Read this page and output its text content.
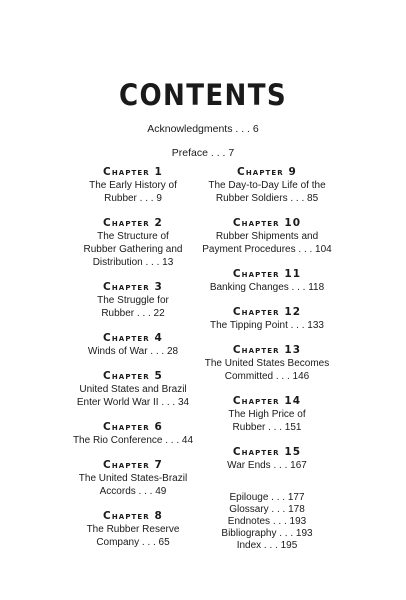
CONTENTS
Acknowledgments . . . 6
Preface . . . 7
Chapter 1
The Early History of
Rubber . . . 9
Chapter 2
The Structure of
Rubber Gathering and
Distribution . . . 13
Chapter 3
The Struggle for
Rubber . . . 22
Chapter 4
Winds of War . . . 28
Chapter 5
United States and Brazil
Enter World War II . . . 34
Chapter 6
The Rio Conference . . . 44
Chapter 7
The United States-Brazil
Accords . . . 49
Chapter 8
The Rubber Reserve
Company . . . 65
Chapter 9
The Day-to-Day Life of the
Rubber Soldiers . . . 85
Chapter 10
Rubber Shipments and
Payment Procedures . . . 104
Chapter 11
Banking Changes . . . 118
Chapter 12
The Tipping Point . . . 133
Chapter 13
The United States Becomes
Committed . . . 146
Chapter 14
The High Price of
Rubber . . . 151
Chapter 15
War Ends . . . 167
Epilouge . . . 177
Glossary . . . 178
Endnotes . . . 193
Bibliography . . . 193
Index . . . 195
